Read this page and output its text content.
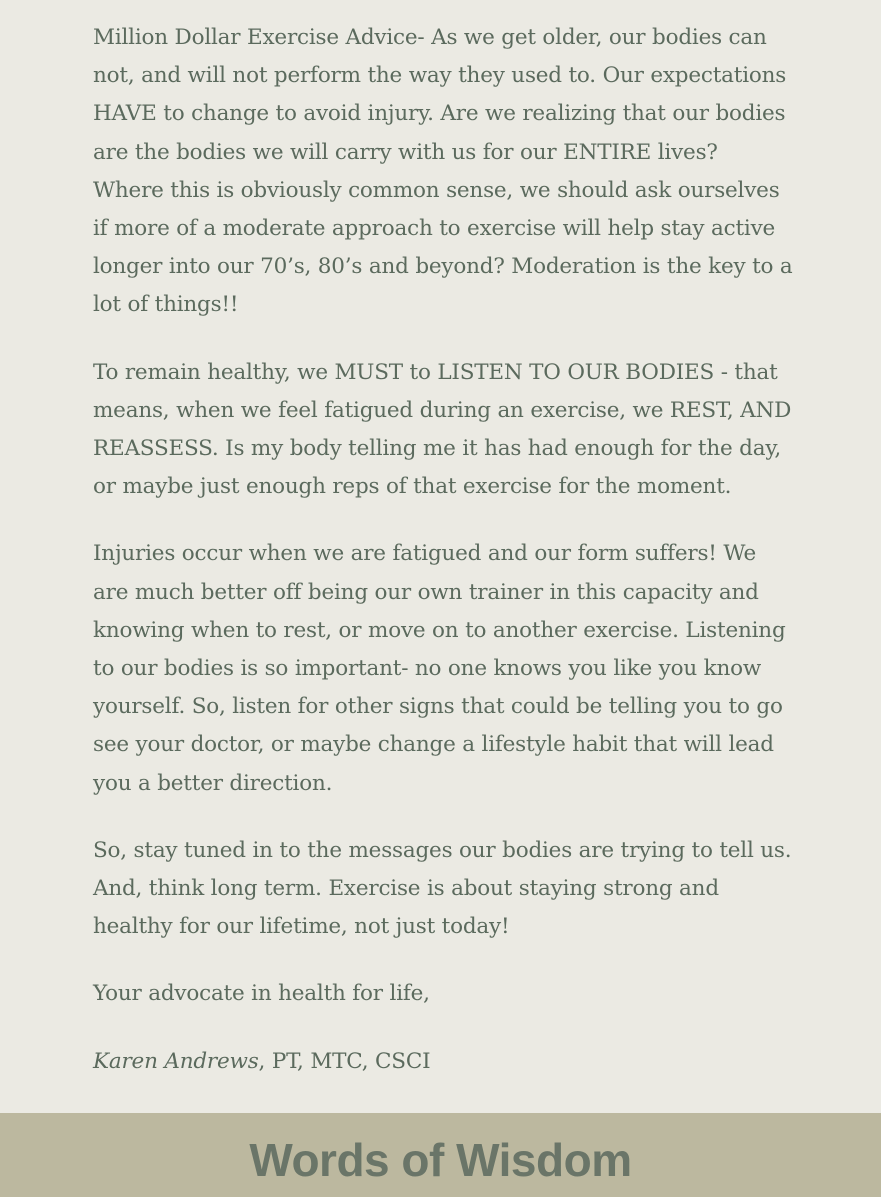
Million Dollar Exercise Advice- As we get older, our bodies can not, and will not perform the way they used to. Our expectations HAVE to change to avoid injury. Are we realizing that our bodies are the bodies we will carry with us for our ENTIRE lives? Where this is obviously common sense, we should ask ourselves if more of a moderate approach to exercise will help stay active longer into our 70’s, 80’s and beyond? Moderation is the key to a lot of things!!

To remain healthy, we MUST to LISTEN TO OUR BODIES - that means, when we feel fatigued during an exercise, we REST, AND REASSESS. Is my body telling me it has had enough for the day, or maybe just enough reps of that exercise for the moment.

Injuries occur when we are fatigued and our form suffers! We are much better off being our own trainer in this capacity and knowing when to rest, or move on to another exercise. Listening to our bodies is so important- no one knows you like you know yourself. So, listen for other signs that could be telling you to go see your doctor, or maybe change a lifestyle habit that will lead you a better direction.

So, stay tuned in to the messages our bodies are trying to tell us. And, think long term. Exercise is about staying strong and healthy for our lifetime, not just today!

Your advocate in health for life,

Karen Andrews, PT, MTC, CSCI

Words of Wisdom
